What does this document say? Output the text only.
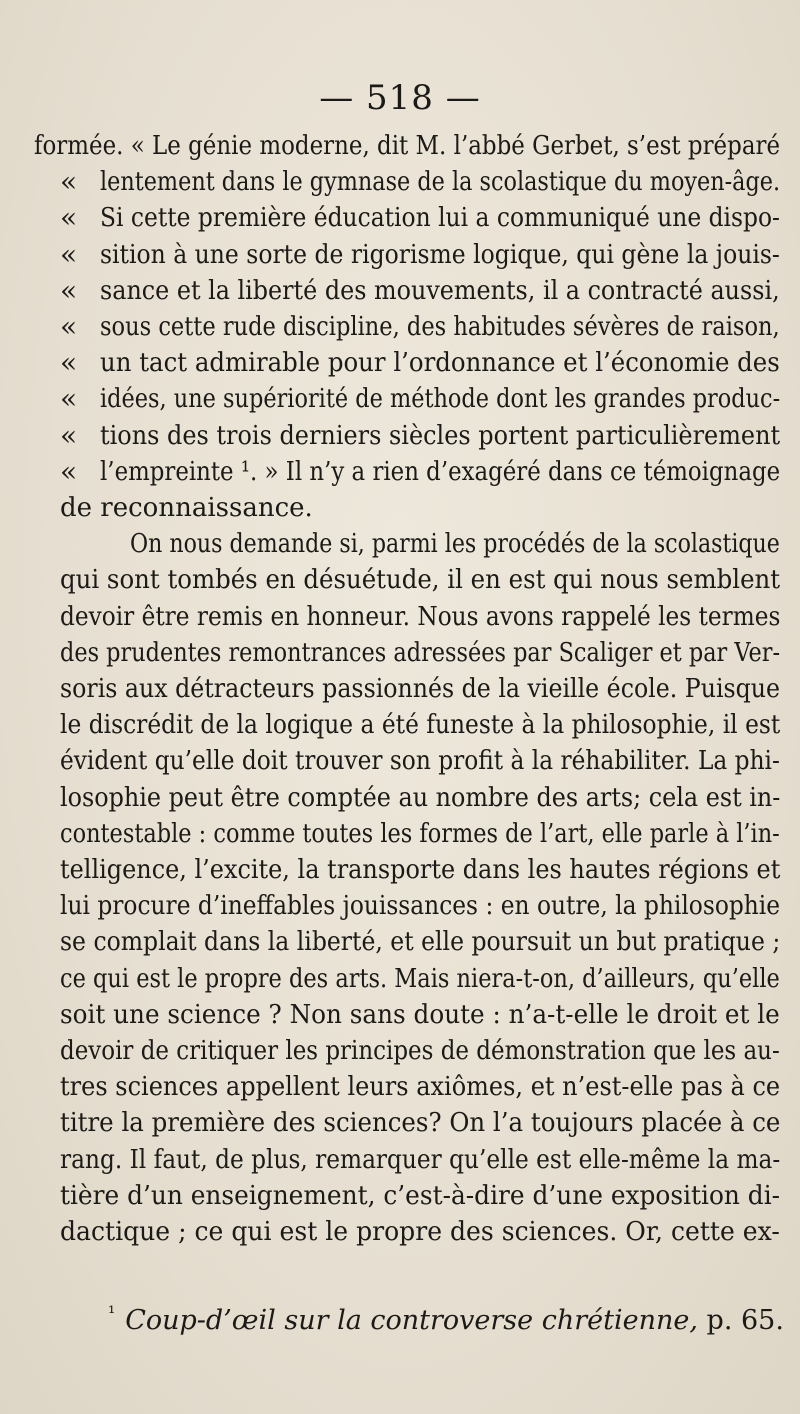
— 518 —
formée. « Le génie moderne, dit M. l’abbé Gerbet, s’est préparé
« lentement dans le gymnase de la scolastique du moyen-âge.
« Si cette première éducation lui a communiqué une dispo-
« sition à une sorte de rigorisme logique, qui gène la jouis-
« sance et la liberté des mouvements, il a contracté aussi,
« sous cette rude discipline, des habitudes sévères de raison,
« un tact admirable pour l’ordonnance et l’économie des
« idées, une supériorité de méthode dont les grandes produc-
« tions des trois derniers siècles portent particulièrement
« l’empreinte ¹. » Il n’y a rien d’exagéré dans ce témoignage
de reconnaissance.
On nous demande si, parmi les procédés de la scolastique
qui sont tombés en désuétude, il en est qui nous semblent
devoir être remis en honneur. Nous avons rappelé les termes
des prudentes remontrances adressées par Scaliger et par Ver-
soris aux détracteurs passionnés de la vieille école. Puisque
le discrédit de la logique a été funeste à la philosophie, il est
évident qu’elle doit trouver son profit à la réhabiliter. La phi-
losophie peut être comptée au nombre des arts; cela est in-
contestable : comme toutes les formes de l’art, elle parle à l’in-
telligence, l’excite, la transporte dans les hautes régions et
lui procure d’ineffables jouissances : en outre, la philosophie
se complait dans la liberté, et elle poursuit un but pratique ;
ce qui est le propre des arts. Mais niera-t-on, d’ailleurs, qu’elle
soit une science ? Non sans doute : n’a-t-elle le droit et le
devoir de critiquer les principes de démonstration que les au-
tres sciences appellent leurs axiômes, et n’est-elle pas à ce
titre la première des sciences? On l’a toujours placée à ce
rang. Il faut, de plus, remarquer qu’elle est elle-même la ma-
tière d’un enseignement, c’est-à-dire d’une exposition di-
dactique ; ce qui est le propre des sciences. Or, cette ex-
$^{^1}$ Coup-d’œil sur la controverse chrétienne, p. 65.
